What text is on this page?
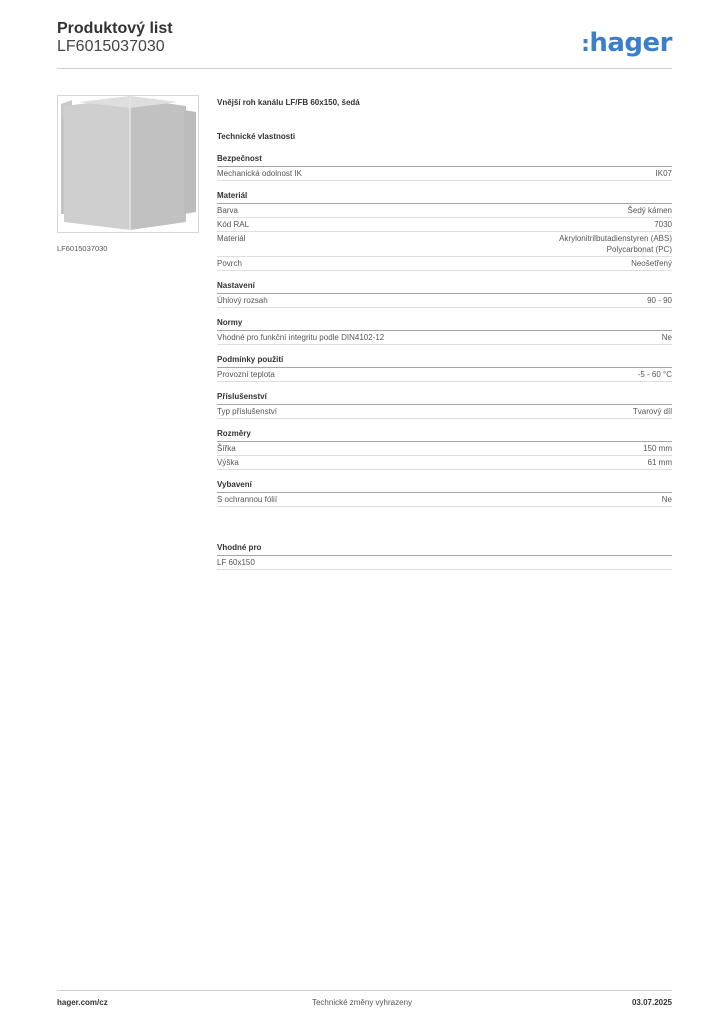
Produktový list
LF6015037030	:hager
LF6015037030
Vnější roh kanálu LF/FB 60x150, šedá
Technické vlastnosti
Bezpečnost
Mechanická odolnost IK	IK07
Materiál
Barva	Šedý kámen
Kód RAL	7030
Materiál	Akrylonitrilbutadienstyren (ABS)
Polycarbonat (PC)
Povrch	Neošetřený
Nastavení
Úhlový rozsah	90 - 90
Normy
Vhodné pro funkční integritu podle DIN4102-12	Ne
Podmínky použití
Provozní teplota	-5 - 60 °C
Příslušenství
Typ příslušenství	Tvarový díl
Rozměry
Šířka	150 mm
Výška	61 mm
Vybavení
S ochrannou fólií	Ne
Vhodné pro
LF 60x150
hager.com/cz	Technické změny vyhrazeny	03.07.2025
